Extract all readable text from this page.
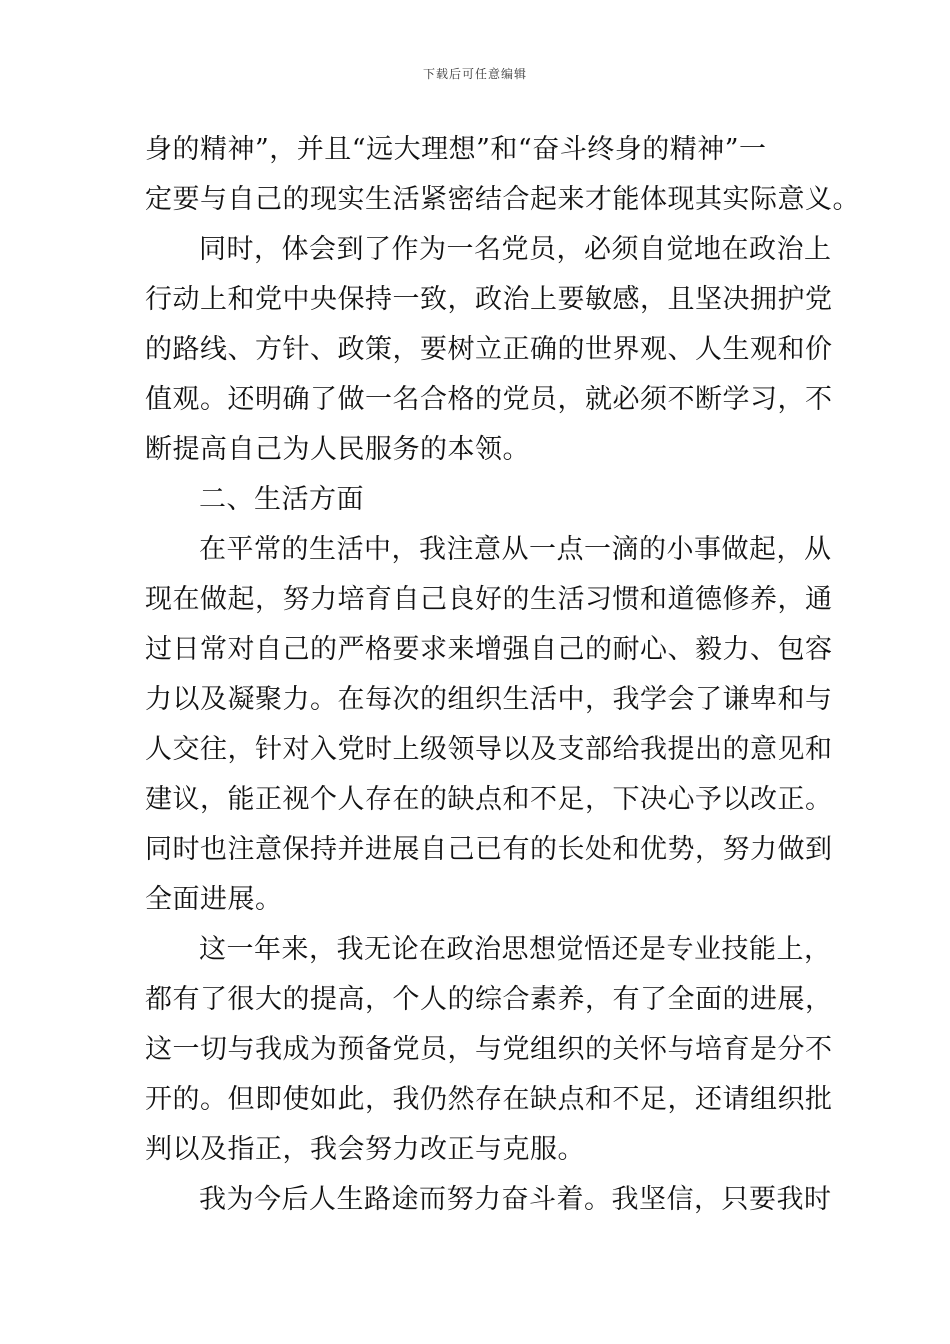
下载后可任意编辑
身的精神”，并且“远大理想”和“奋斗终身的精神”一
定要与自己的现实生活紧密结合起来才能体现其实际意义。
同时，体会到了作为一名党员，必须自觉地在政治上
行动上和党中央保持一致，政治上要敏感，且坚决拥护党
的路线、方针、政策，要树立正确的世界观、人生观和价
值观。还明确了做一名合格的党员，就必须不断学习，不
断提高自己为人民服务的本领。
二、生活方面
在平常的生活中，我注意从一点一滴的小事做起，从
现在做起，努力培育自己良好的生活习惯和道德修养，通
过日常对自己的严格要求来增强自己的耐心、毅力、包容
力以及凝聚力。在每次的组织生活中，我学会了谦卑和与
人交往，针对入党时上级领导以及支部给我提出的意见和
建议，能正视个人存在的缺点和不足，下决心予以改正。
同时也注意保持并进展自己已有的长处和优势，努力做到
全面进展。
这一年来，我无论在政治思想觉悟还是专业技能上，
都有了很大的提高，个人的综合素养，有了全面的进展，
这一切与我成为预备党员，与党组织的关怀与培育是分不
开的。但即使如此，我仍然存在缺点和不足，还请组织批
判以及指正，我会努力改正与克服。
我为今后人生路途而努力奋斗着。我坚信，只要我时
